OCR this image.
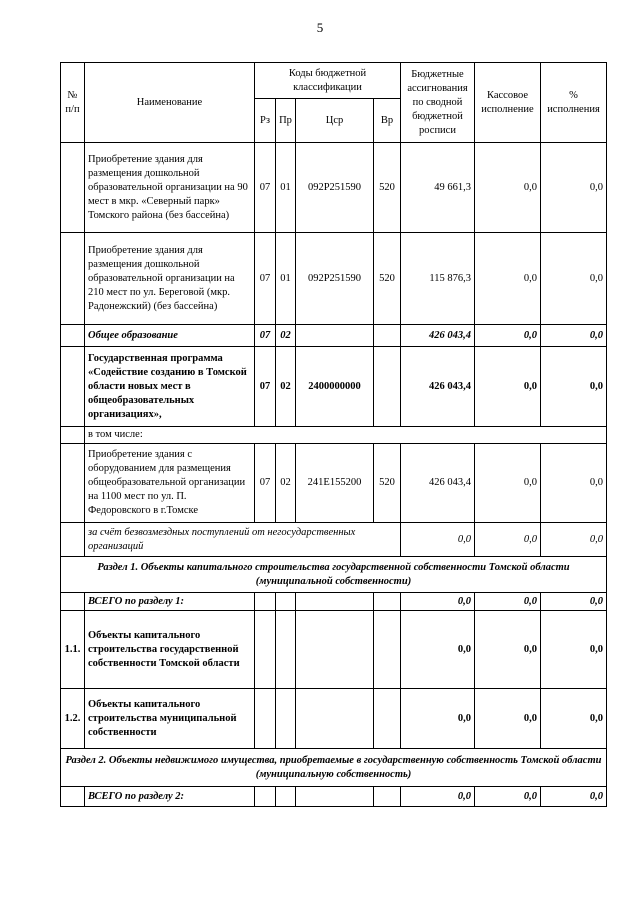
5
№ п/п	Наименование	Коды бюджетной классификации				Бюджетные ассигнования по сводной бюджетной росписи	Кассовое исполнение	% исполнения
		Рз	Пр	Цср	Вр			
	Приобретение здания для размещения дошкольной образовательной организации на 90 мест в мкр. «Северный парк» Томского района (без бассейна)	07	01	092P251590	520	49 661,3	0,0	0,0
	Приобретение здания для размещения дошкольной образовательной организации на 210 мест по ул. Береговой (мкр. Радонежский) (без бассейна)	07	01	092P251590	520	115 876,3	0,0	0,0
	Общее образование	07	02			426 043,4	0,0	0,0
	Государственная программа «Содействие созданию в Томской области новых мест в общеобразовательных организациях»,	07	02	2400000000		426 043,4	0,0	0,0
	в том числе:							
	Приобретение здания с оборудованием для размещения общеобразовательной организации на 1100 мест по ул. П. Федоровского в г.Томске	07	02	241E155200	520	426 043,4	0,0	0,0
	за счёт безвозмездных поступлений от негосударственных организаций					0,0	0,0	0,0
Раздел 1. Объекты капитального строительства государственной собственности Томской области (муниципальной собственности)								
	ВСЕГО по разделу 1:					0,0	0,0	0,0
1.1.	Объекты капитального строительства государственной собственности Томской области					0,0	0,0	0,0
1.2.	Объекты капитального строительства муниципальной собственности					0,0	0,0	0,0
Раздел 2. Объекты недвижимого имущества, приобретаемые в государственную собственность Томской области (муниципальную собственность)								
	ВСЕГО по разделу 2:					0,0	0,0	0,0
